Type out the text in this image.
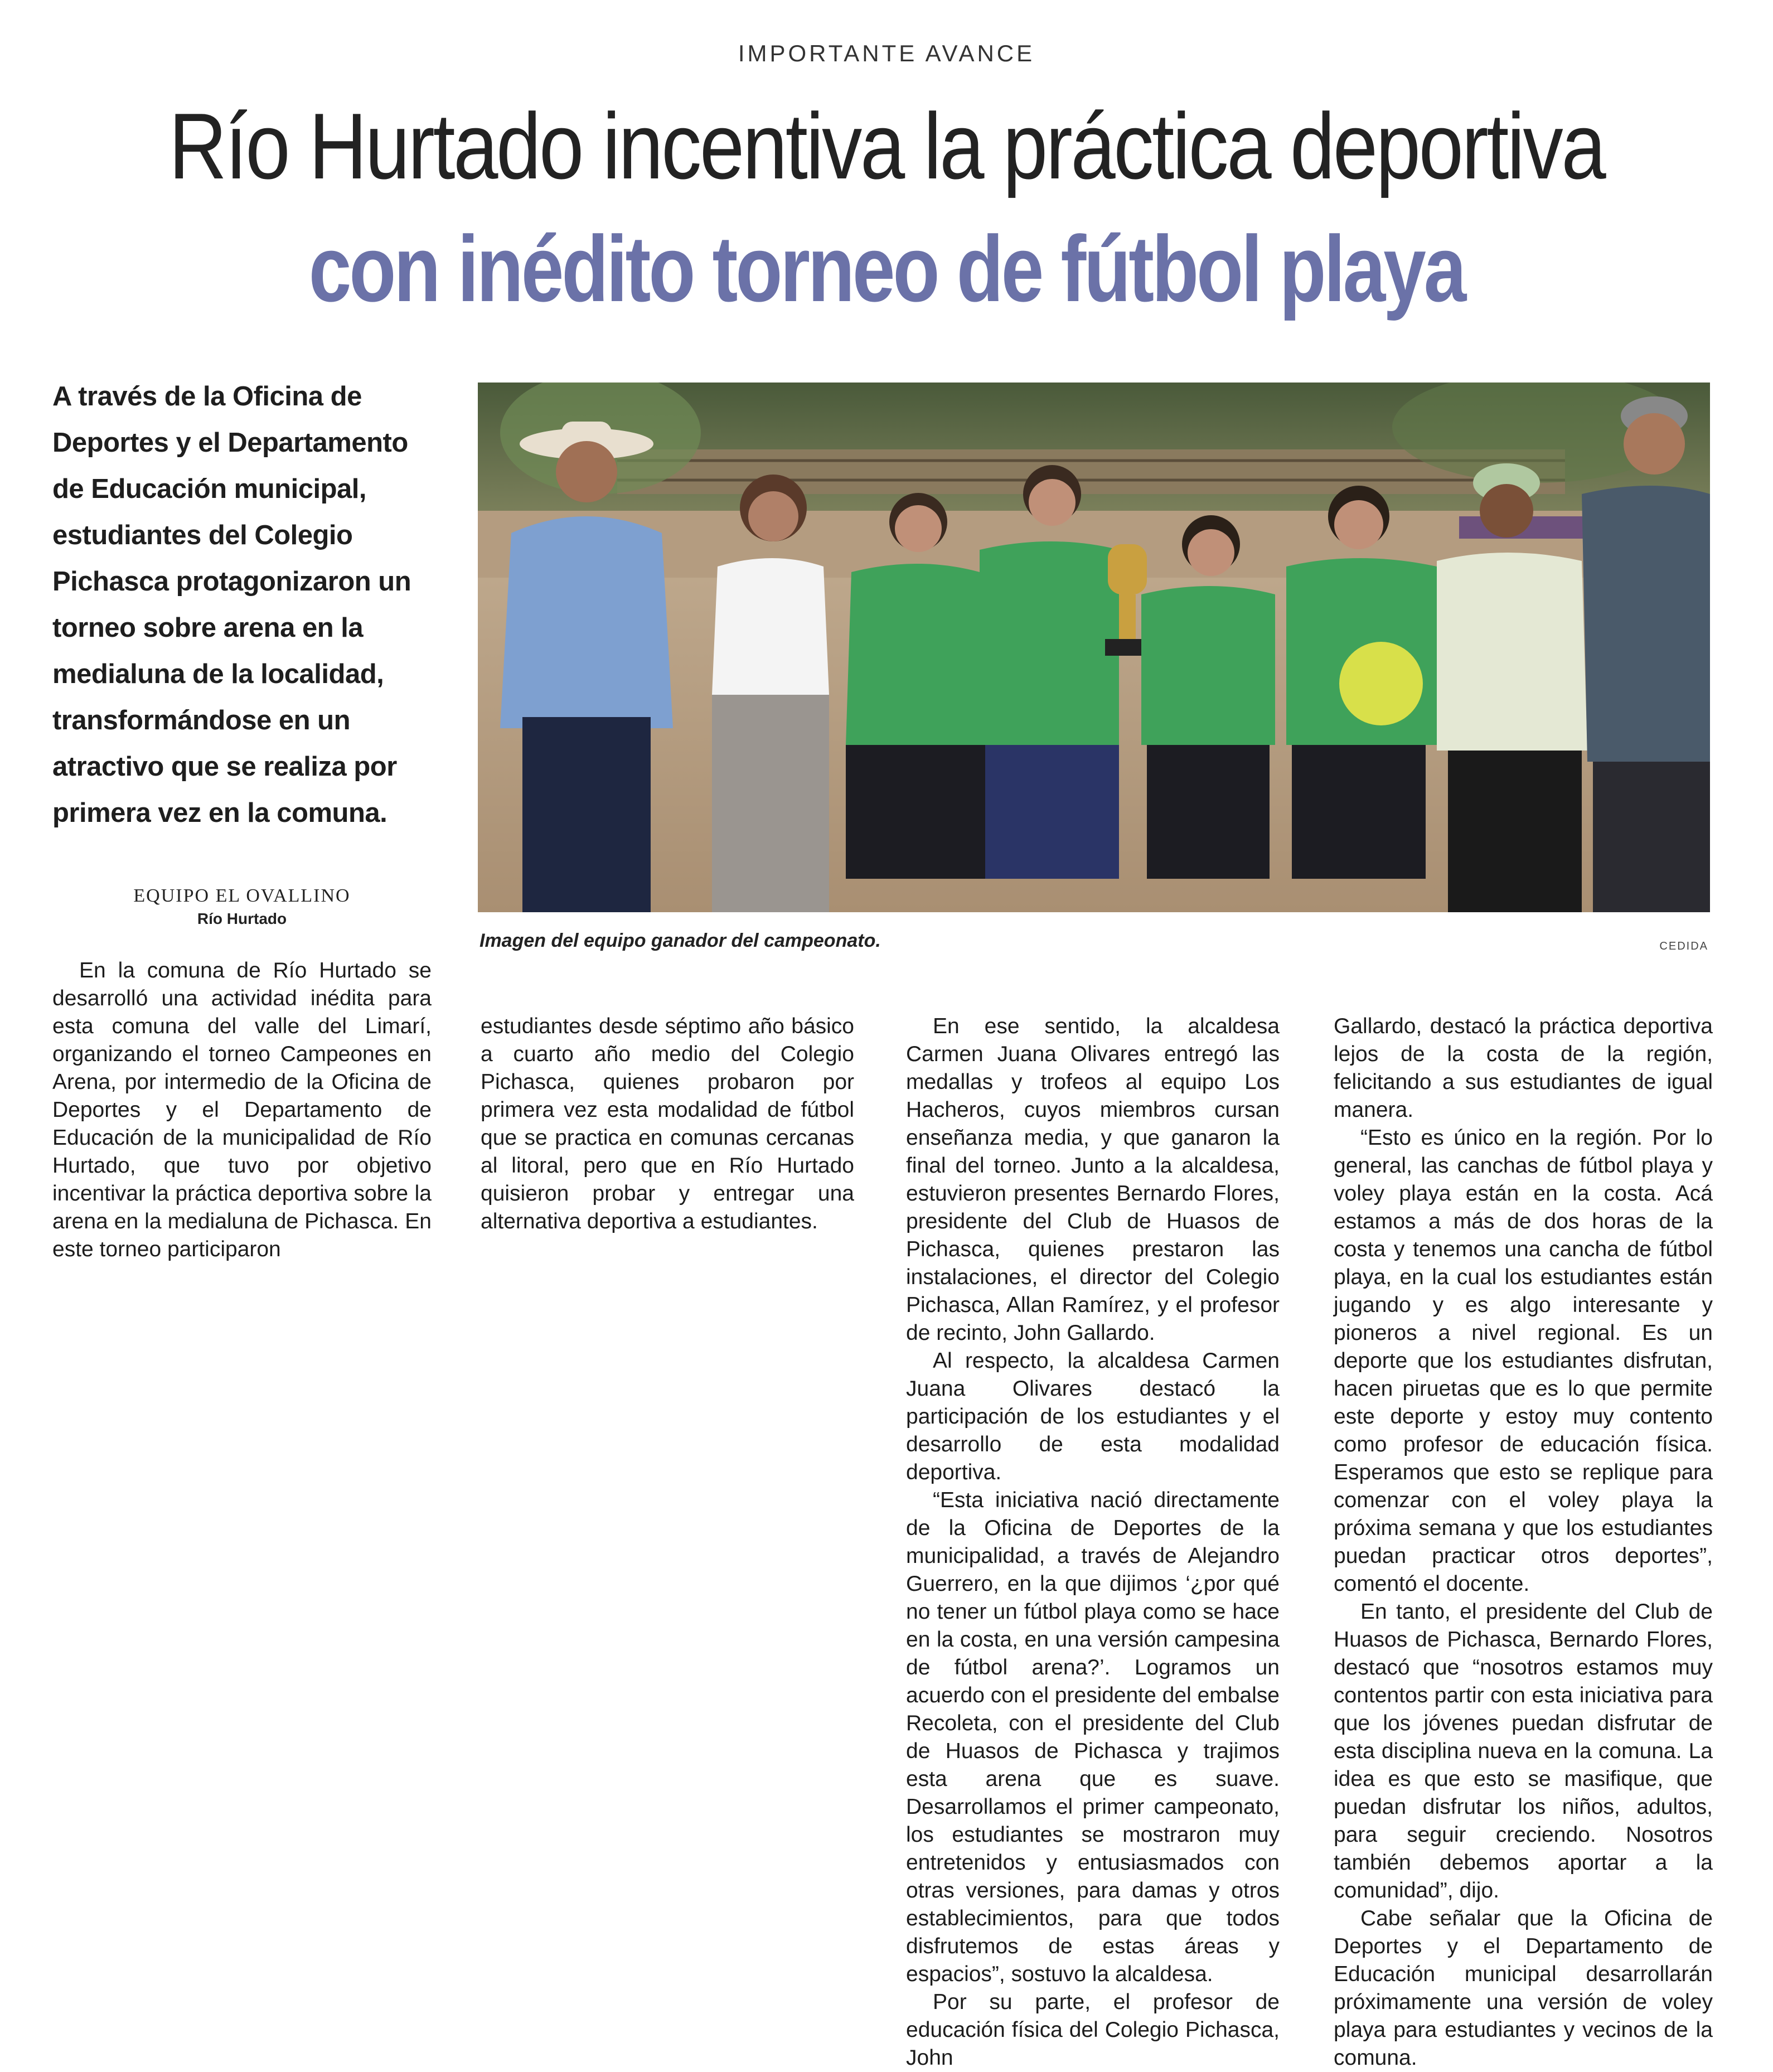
IMPORTANTE AVANCE
Río Hurtado incentiva la práctica deportiva
con inédito torneo de fútbol playa
A través de la Oficina de Deportes y el Departamento de Educación municipal, estudiantes del Colegio Pichasca protagonizaron un torneo sobre arena en la medialuna de la localidad, transformándose en un atractivo que se realiza por primera vez en la comuna.
EQUIPO EL OVALLINO
Río Hurtado
Imagen del equipo ganador del campeonato.	CEDIDA

En la comuna de Río Hurtado se desarrolló una actividad inédita para esta comuna del valle del Limarí, organizando el torneo Campeones en Arena, por intermedio de la Oficina de Deportes y el Departamento de Educación de la municipalidad de Río Hurtado, que tuvo por objetivo incentivar la práctica deportiva sobre la arena en la medialuna de Pichasca. En este torneo participaron

estudiantes desde séptimo año básico a cuarto año medio del Colegio Pichasca, quienes probaron por primera vez esta modalidad de fútbol que se practica en comunas cercanas al litoral, pero que en Río Hurtado quisieron probar y entregar una alternativa deportiva a estudiantes.

En ese sentido, la alcaldesa Carmen Juana Olivares entregó las medallas y trofeos al equipo Los Hacheros, cuyos miembros cursan enseñanza media, y que ganaron la final del torneo. Junto a la alcaldesa, estuvieron presentes Bernardo Flores, presidente del Club de Huasos de Pichasca, quienes prestaron las instalaciones, el director del Colegio Pichasca, Allan Ramírez, y el profesor de recinto, John Gallardo.

Al respecto, la alcaldesa Carmen Juana Olivares destacó la participación de los estudiantes y el desarrollo de esta modalidad deportiva.

“Esta iniciativa nació directamente de la Oficina de Deportes de la municipalidad, a través de Alejandro Guerrero, en la que dijimos ‘¿por qué no tener un fútbol playa como se hace en la costa, en una versión campesina de fútbol arena?’. Logramos un acuerdo con el presidente del embalse Recoleta, con el presidente del Club de Huasos de Pichasca y trajimos esta arena que es suave. Desarrollamos el primer campeonato, los estudiantes se mostraron muy entretenidos y entusiasmados con otras versiones, para damas y otros establecimientos, para que todos disfrutemos de estas áreas y espacios”, sostuvo la alcaldesa.

Por su parte, el profesor de educación física del Colegio Pichasca, John

Gallardo, destacó la práctica deportiva lejos de la costa de la región, felicitando a sus estudiantes de igual manera.

“Esto es único en la región. Por lo general, las canchas de fútbol playa y voley playa están en la costa. Acá estamos a más de dos horas de la costa y tenemos una cancha de fútbol playa, en la cual los estudiantes están jugando y es algo interesante y pioneros a nivel regional. Es un deporte que los estudiantes disfrutan, hacen piruetas que es lo que permite este deporte y estoy muy contento como profesor de educación física. Esperamos que esto se replique para comenzar con el voley playa la próxima semana y que los estudiantes puedan practicar otros deportes”, comentó el docente.

En tanto, el presidente del Club de Huasos de Pichasca, Bernardo Flores, destacó que “nosotros estamos muy contentos partir con esta iniciativa para que los jóvenes puedan disfrutar de esta disciplina nueva en la comuna. La idea es que esto se masifique, que puedan disfrutar los niños, adultos, para seguir creciendo. Nosotros también debemos aportar a la comunidad”, dijo.

Cabe señalar que la Oficina de Deportes y el Departamento de Educación municipal desarrollarán próximamente una versión de voley playa para estudiantes y vecinos de la comuna.
